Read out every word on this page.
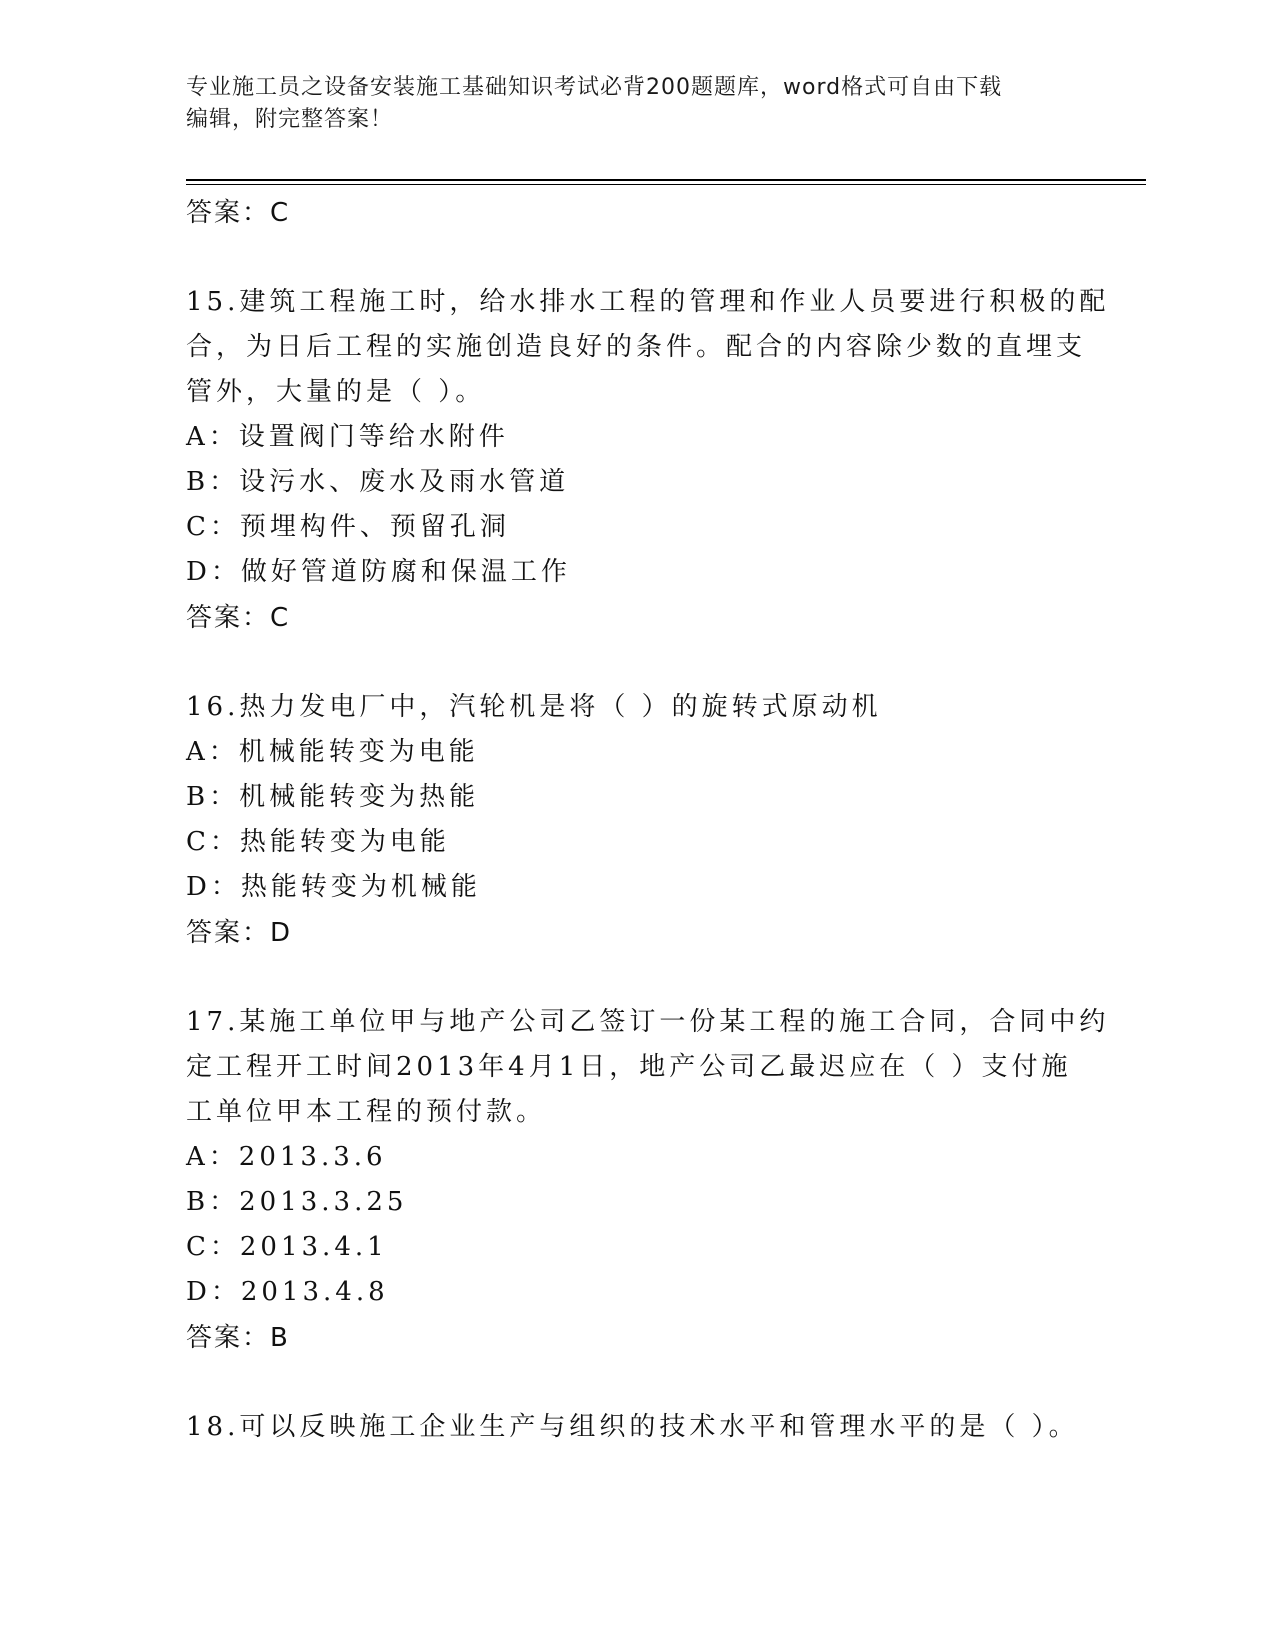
专业施工员之设备安装施工基础知识考试必背200题题库，word格式可自由下载
编辑，附完整答案！
答案：C
15.建筑工程施工时，给水排水工程的管理和作业人员要进行积极的配
合，为日后工程的实施创造良好的条件。配合的内容除少数的直埋支
管外，大量的是（ ）。
A：设置阀门等给水附件
B：设污水、废水及雨水管道
C：预埋构件、预留孔洞
D：做好管道防腐和保温工作
答案：C
16.热力发电厂中，汽轮机是将（ ）的旋转式原动机
A：机械能转变为电能
B：机械能转变为热能
C：热能转变为电能
D：热能转变为机械能
答案：D
17.某施工单位甲与地产公司乙签订一份某工程的施工合同，合同中约
定工程开工时间2013年4月1日，地产公司乙最迟应在（ ）支付施
工单位甲本工程的预付款。
A：2013.3.6
B：2013.3.25
C：2013.4.1
D：2013.4.8
答案：B
18.可以反映施工企业生产与组织的技术水平和管理水平的是（ ）。
